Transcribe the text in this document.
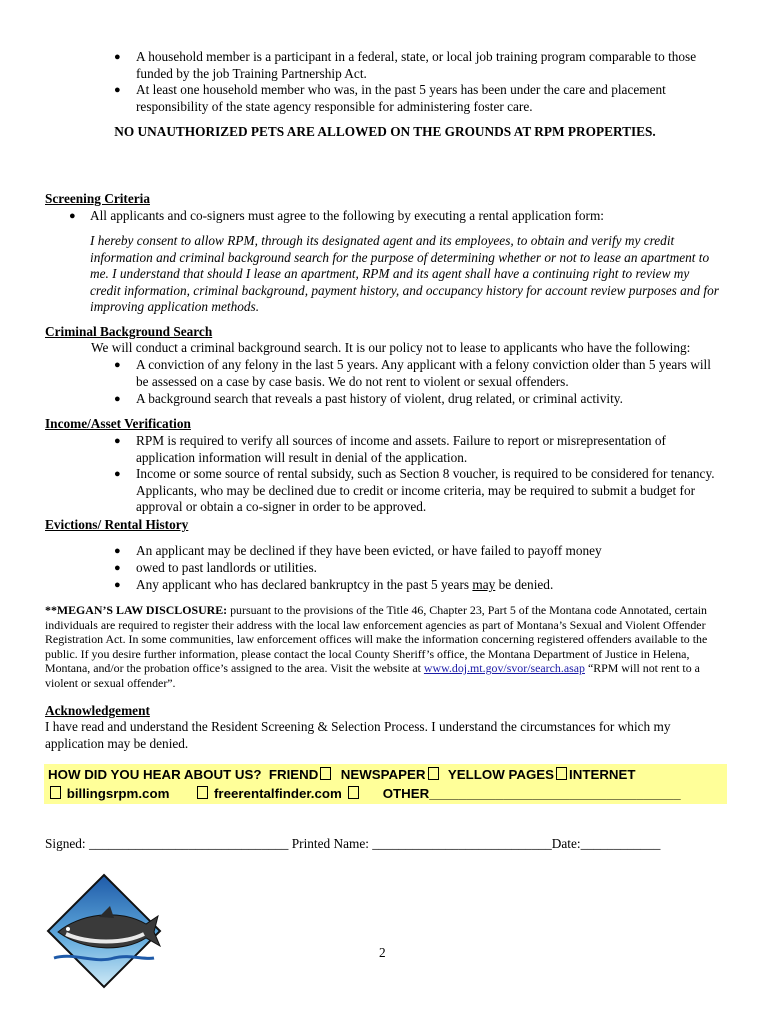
● A household member is a participant in a federal, state, or local job training program comparable to those funded by the job Training Partnership Act.
● At least one household member who was, in the past 5 years has been under the care and placement responsibility of the state agency responsible for administering foster care.
NO UNAUTHORIZED PETS ARE ALLOWED ON THE GROUNDS AT RPM PROPERTIES.
Screening Criteria
● All applicants and co-signers must agree to the following by executing a rental application form:
I hereby consent to allow RPM, through its designated agent and its employees, to obtain and verify my credit information and criminal background search for the purpose of determining whether or not to lease an apartment to me. I understand that should I lease an apartment, RPM and its agent shall have a continuing right to review my credit information, criminal background, payment history, and occupancy history for account review purposes and for improving application methods.
Criminal Background Search
We will conduct a criminal background search. It is our policy not to lease to applicants who have the following:
● A conviction of any felony in the last 5 years. Any applicant with a felony conviction older than 5 years will be assessed on a case by case basis. We do not rent to violent or sexual offenders.
● A background search that reveals a past history of violent, drug related, or criminal activity.
Income/Asset Verification
● RPM is required to verify all sources of income and assets. Failure to report or misrepresentation of application information will result in denial of the application.
● Income or some source of rental subsidy, such as Section 8 voucher, is required to be considered for tenancy. Applicants, who may be declined due to credit or income criteria, may be required to submit a budget for approval or obtain a co-signer in order to be approved.
Evictions/ Rental History
● An applicant may be declined if they have been evicted, or have failed to payoff money
● owed to past landlords or utilities.
● Any applicant who has declared bankruptcy in the past 5 years may be denied.
**MEGAN’S LAW DISCLOSURE: pursuant to the provisions of the Title 46, Chapter 23, Part 5 of the Montana code Annotated, certain individuals are required to register their address with the local law enforcement agencies as part of Montana’s Sexual and Violent Offender Registration Act. In some communities, law enforcement offices will make the information concerning registered offenders available to the public. If you desire further information, please contact the local County Sheriff’s office, the Montana Department of Justice in Helena, Montana, and/or the probation office’s assigned to the area. Visit the website at www.doj.mt.gov/svor/search.asap “RPM will not rent to a violent or sexual offender”.
Acknowledgement
I have read and understand the Resident Screening & Selection Process. I understand the circumstances for which my application may be denied.
HOW DID YOU HEAR ABOUT US? FRIEND NEWSPAPER YELLOW PAGES INTERNET
billingsrpm.com	freerentalfinder.com	OTHER__________________________________
Signed: ______________________________ Printed Name: ___________________________Date:____________
2
